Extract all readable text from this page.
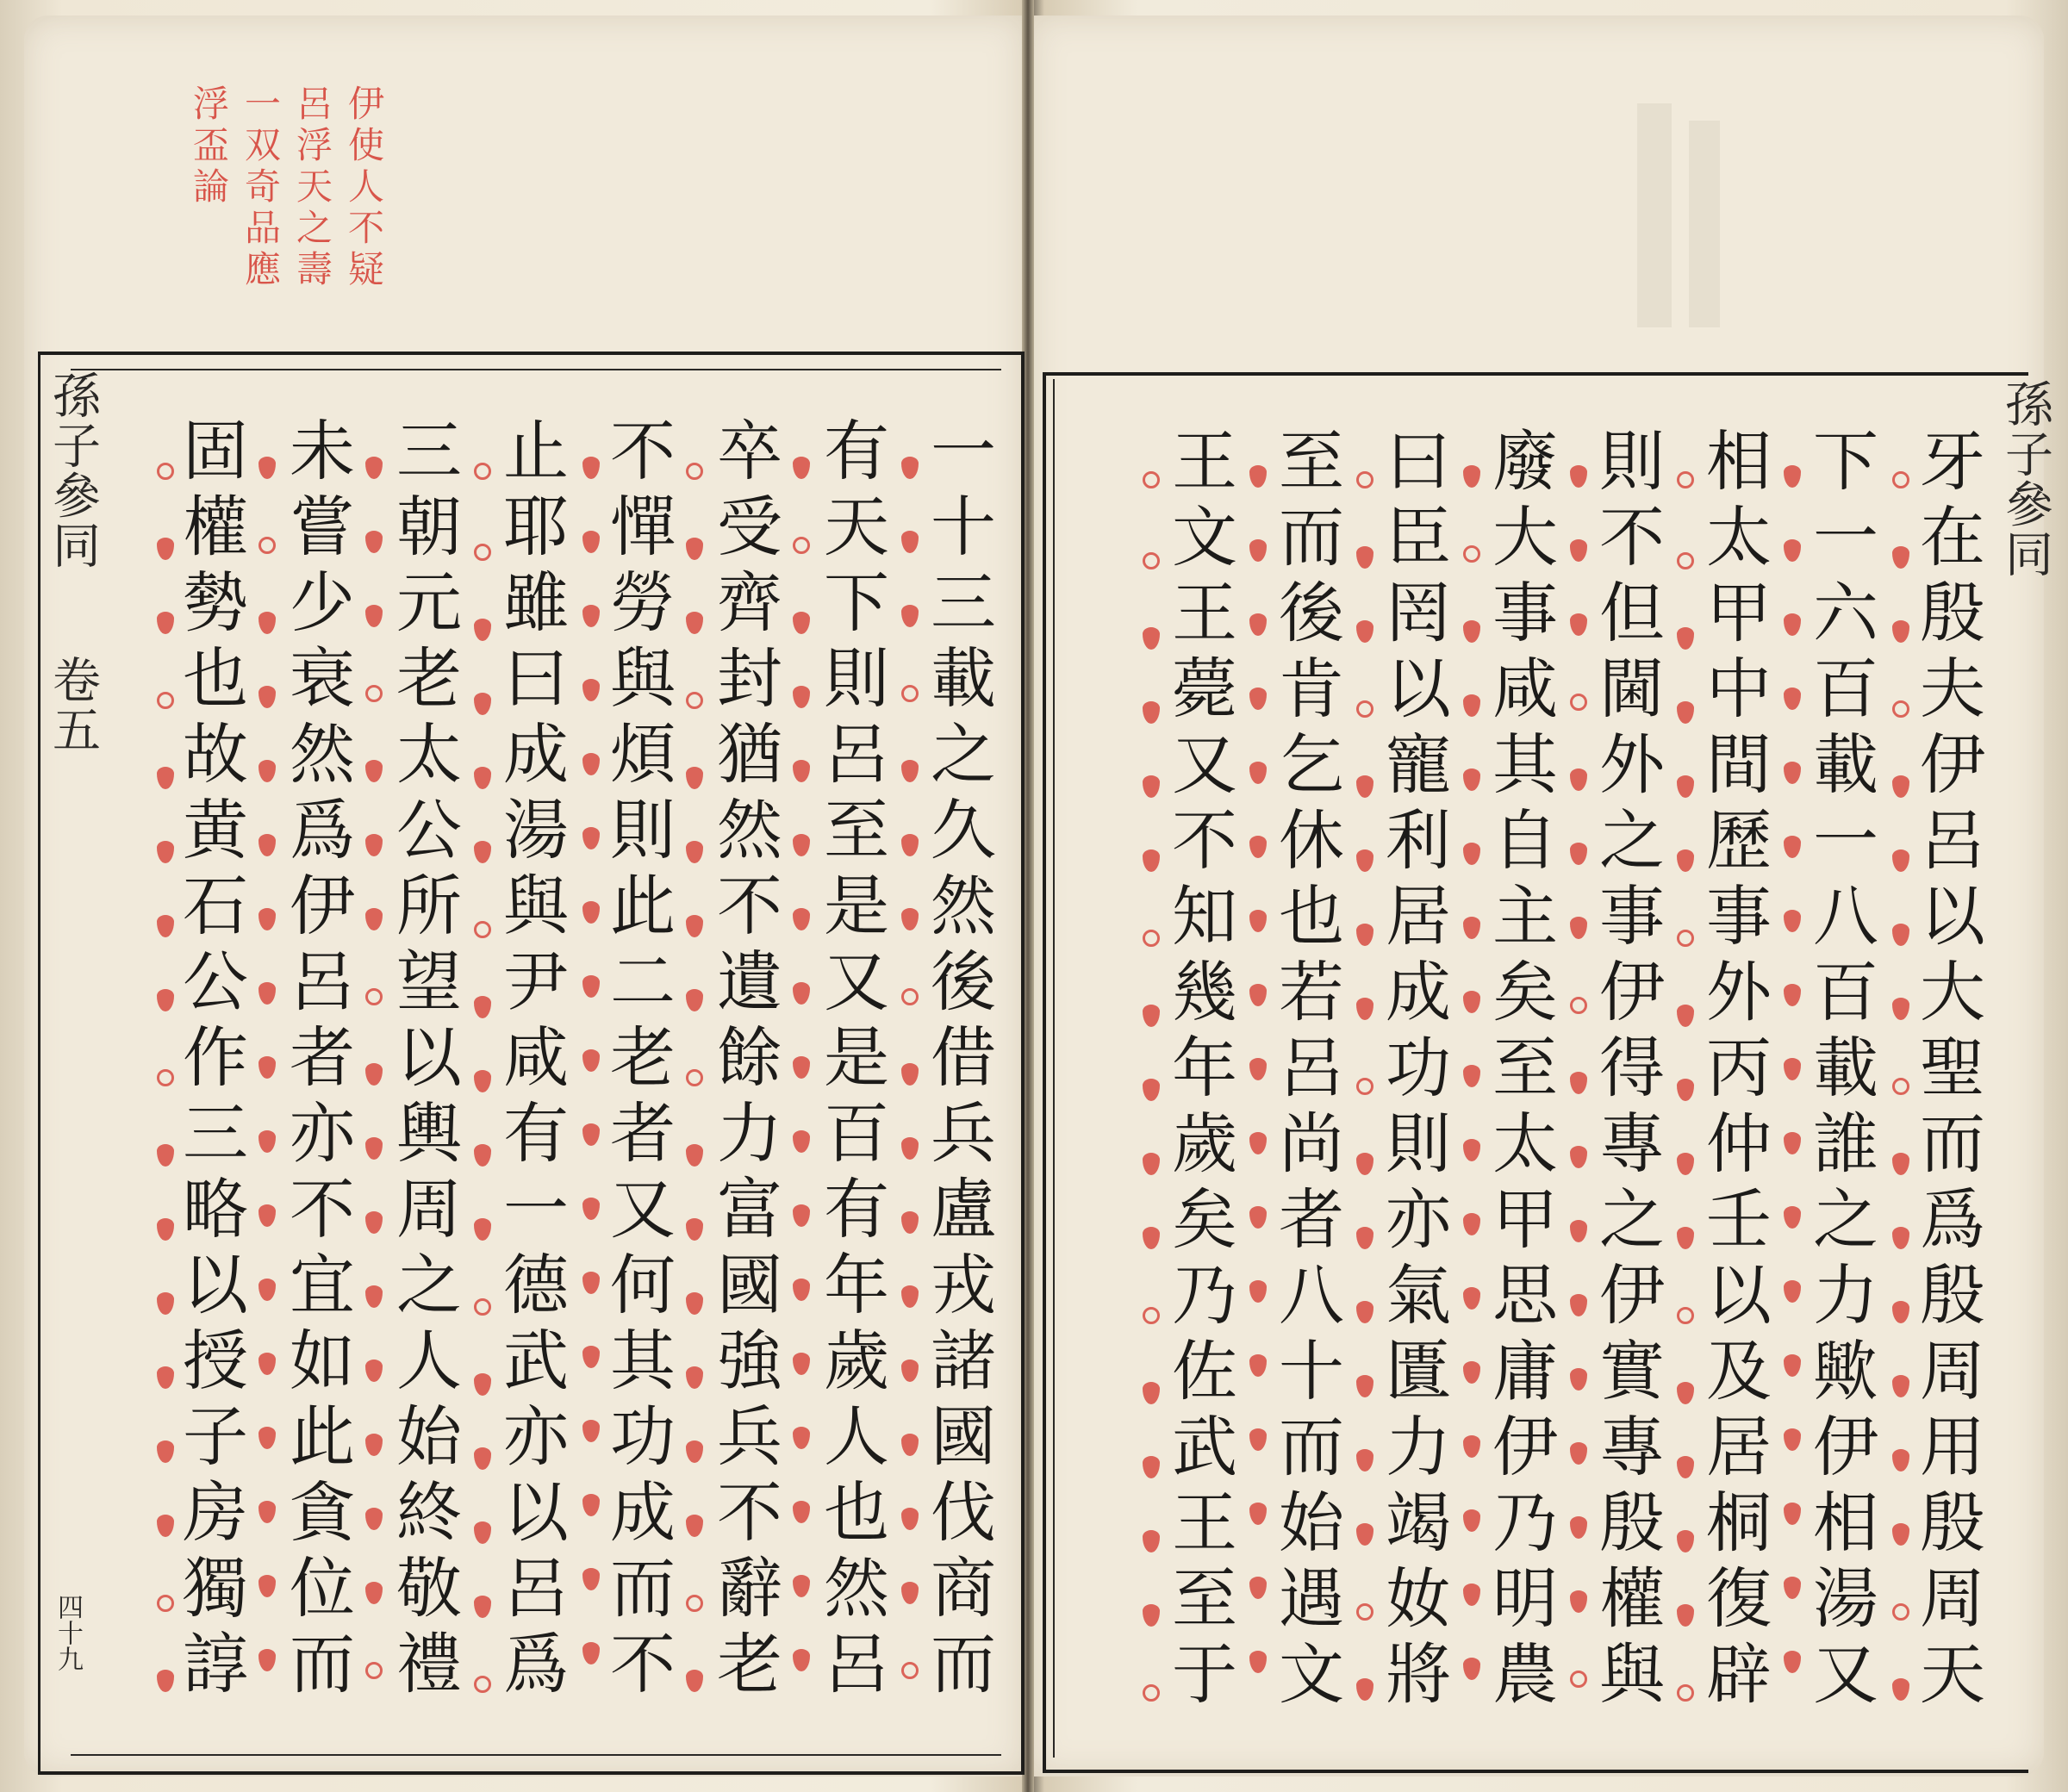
伊使人不疑
呂浮天之壽
一双奇品應
浮盃論
孫子參同
卷五
四十九
孫子參同
一
十
三
載
之
久
然
後
借
兵
盧
戎
諸
國
伐
商
而
有
天
下
則
呂
至
是
又
是
百
有
年
歲
人
也
然
呂
卒
受
齊
封
猶
然
不
遺
餘
力
富
國
強
兵
不
辭
老
不
憚
勞
與
煩
則
此
二
老
者
又
何
其
功
成
而
不
止
耶
雖
曰
成
湯
與
尹
咸
有
一
德
武
亦
以
呂
爲
三
朝
元
老
太
公
所
望
以
輿
周
之
人
始
終
敬
禮
未
嘗
少
衰
然
爲
伊
呂
者
亦
不
宜
如
此
貪
位
而
固
權
勢
也
故
黄
石
公
作
三
略
以
授
子
房
獨
諄
牙
在
殷
夫
伊
呂
以
大
聖
而
爲
殷
周
用
殷
周
天
下
一
六
百
載
一
八
百
載
誰
之
力
歟
伊
相
湯
又
相
太
甲
中
間
歷
事
外
丙
仲
壬
以
及
居
桐
復
辟
則
不
但
閫
外
之
事
伊
得
專
之
伊
實
專
殷
權
與
廢
大
事
咸
其
自
主
矣
至
太
甲
思
庸
伊
乃
明
農
曰
臣
罔
以
寵
利
居
成
功
則
亦
氣
匱
力
竭
奻
將
至
而
後
肯
乞
休
也
若
呂
尚
者
八
十
而
始
遇
文
王
文
王
薨
又
不
知
幾
年
歲
矣
乃
佐
武
王
至
于
